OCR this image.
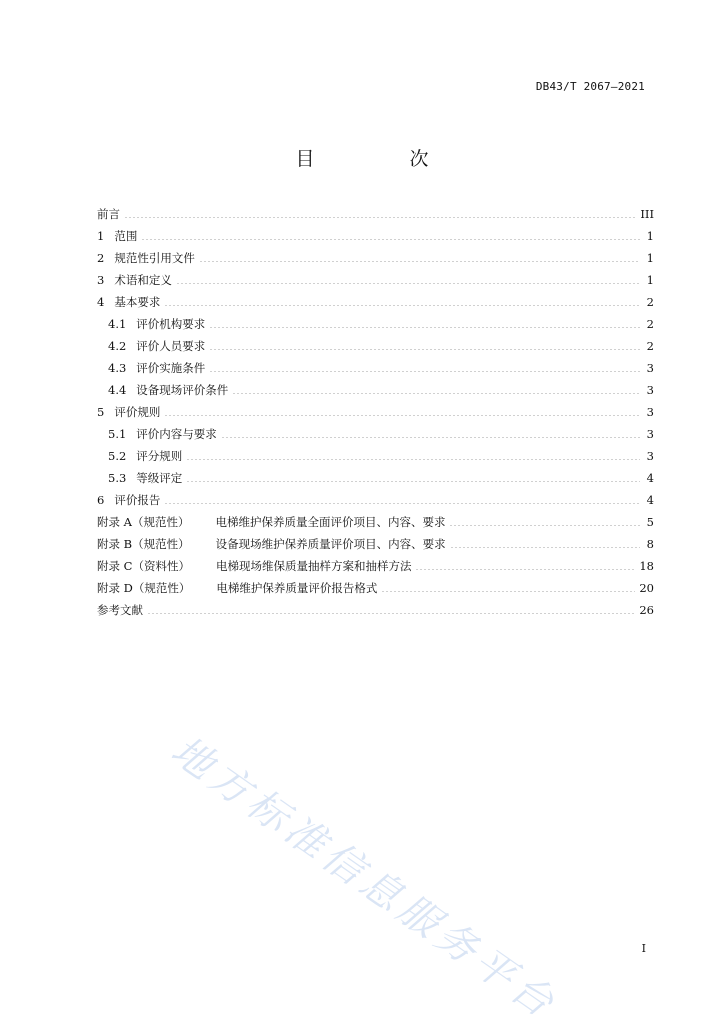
DB43/T 2067—2021
目　次
前言	III
1 范围	1
2 规范性引用文件	1
3 术语和定义	1
4 基本要求	2
4.1 评价机构要求	2
4.2 评价人员要求	2
4.3 评价实施条件	3
4.4 设备现场评价条件	3
5 评价规则	3
5.1 评价内容与要求	3
5.2 评分规则	3
5.3 等级评定	4
6 评价报告	4
附录 A（规范性） 电梯维护保养质量全面评价项目、内容、要求	5
附录 B（规范性） 设备现场维护保养质量评价项目、内容、要求	8
附录 C（资料性） 电梯现场维保质量抽样方案和抽样方法	18
附录 D（规范性） 电梯维护保养质量评价报告格式	20
参考文献	26
地方标准信息服务平台	I
